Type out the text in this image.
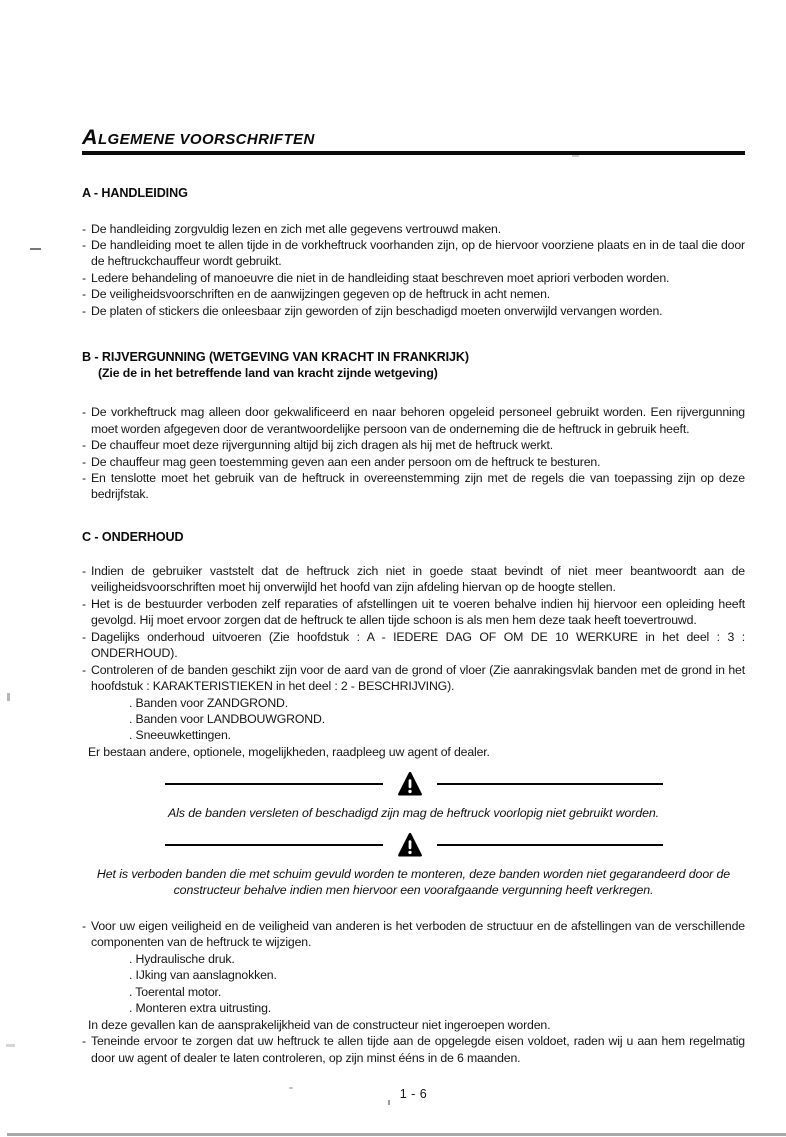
ALGEMENE VOORSCHRIFTEN
A - HANDLEIDING
- De handleiding zorgvuldig lezen en zich met alle gegevens vertrouwd maken.
- De handleiding moet te allen tijde in de vorkheftruck voorhanden zijn, op de hiervoor voorziene plaats en in de taal die door de heftruckchauffeur wordt gebruikt.
- Ledere behandeling of manoeuvre die niet in de handleiding staat beschreven moet apriori verboden worden.
- De veiligheidsvoorschriften en de aanwijzingen gegeven op de heftruck in acht nemen.
- De platen of stickers die onleesbaar zijn geworden of zijn beschadigd moeten onverwijld vervangen worden.
B - RIJVERGUNNING (WETGEVING VAN KRACHT IN FRANKRIJK)
(Zie de in het betreffende land van kracht zijnde wetgeving)
- De vorkheftruck mag alleen door gekwalificeerd en naar behoren opgeleid personeel gebruikt worden. Een rijvergunning moet worden afgegeven door de verantwoordelijke persoon van de onderneming die de heftruck in gebruik heeft.
- De chauffeur moet deze rijvergunning altijd bij zich dragen als hij met de heftruck werkt.
- De chauffeur mag geen toestemming geven aan een ander persoon om de heftruck te besturen.
- En tenslotte moet het gebruik van de heftruck in overeenstemming zijn met de regels die van toepassing zijn op deze bedrijfstak.
C - ONDERHOUD
- Indien de gebruiker vaststelt dat de heftruck zich niet in goede staat bevindt of niet meer beantwoordt aan de veiligheidsvoorschriften moet hij onverwijld het hoofd van zijn afdeling hiervan op de hoogte stellen.
- Het is de bestuurder verboden zelf reparaties of afstellingen uit te voeren behalve indien hij hiervoor een opleiding heeft gevolgd. Hij moet ervoor zorgen dat de heftruck te allen tijde schoon is als men hem deze taak heeft toevertrouwd.
- Dagelijks onderhoud uitvoeren (Zie hoofdstuk : A - IEDERE DAG OF OM DE 10 WERKURE in het deel : 3 : ONDERHOUD).
- Controleren of de banden geschikt zijn voor de aard van de grond of vloer (Zie aanrakingsvlak banden met de grond in het hoofdstuk : KARAKTERISTIEKEN in het deel : 2 - BESCHRIJVING).
. Banden voor ZANDGROND.
. Banden voor LANDBOUWGROND.
. Sneeuwkettingen.
Er bestaan andere, optionele, mogelijkheden, raadpleeg uw agent of dealer.
Als de banden versleten of beschadigd zijn mag de heftruck voorlopig niet gebruikt worden.
Het is verboden banden die met schuim gevuld worden te monteren, deze banden worden niet gegarandeerd door de constructeur behalve indien men hiervoor een voorafgaande vergunning heeft verkregen.
- Voor uw eigen veiligheid en de veiligheid van anderen is het verboden de structuur en de afstellingen van de verschillende componenten van de heftruck te wijzigen.
. Hydraulische druk.
. IJking van aanslagnokken.
. Toerental motor.
. Monteren extra uitrusting.
In deze gevallen kan de aansprakelijkheid van de constructeur niet ingeroepen worden.
- Teneinde ervoor te zorgen dat uw heftruck te allen tijde aan de opgelegde eisen voldoet, raden wij u aan hem regelmatig door uw agent of dealer te laten controleren, op zijn minst ééns in de 6 maanden.
1 - 6
